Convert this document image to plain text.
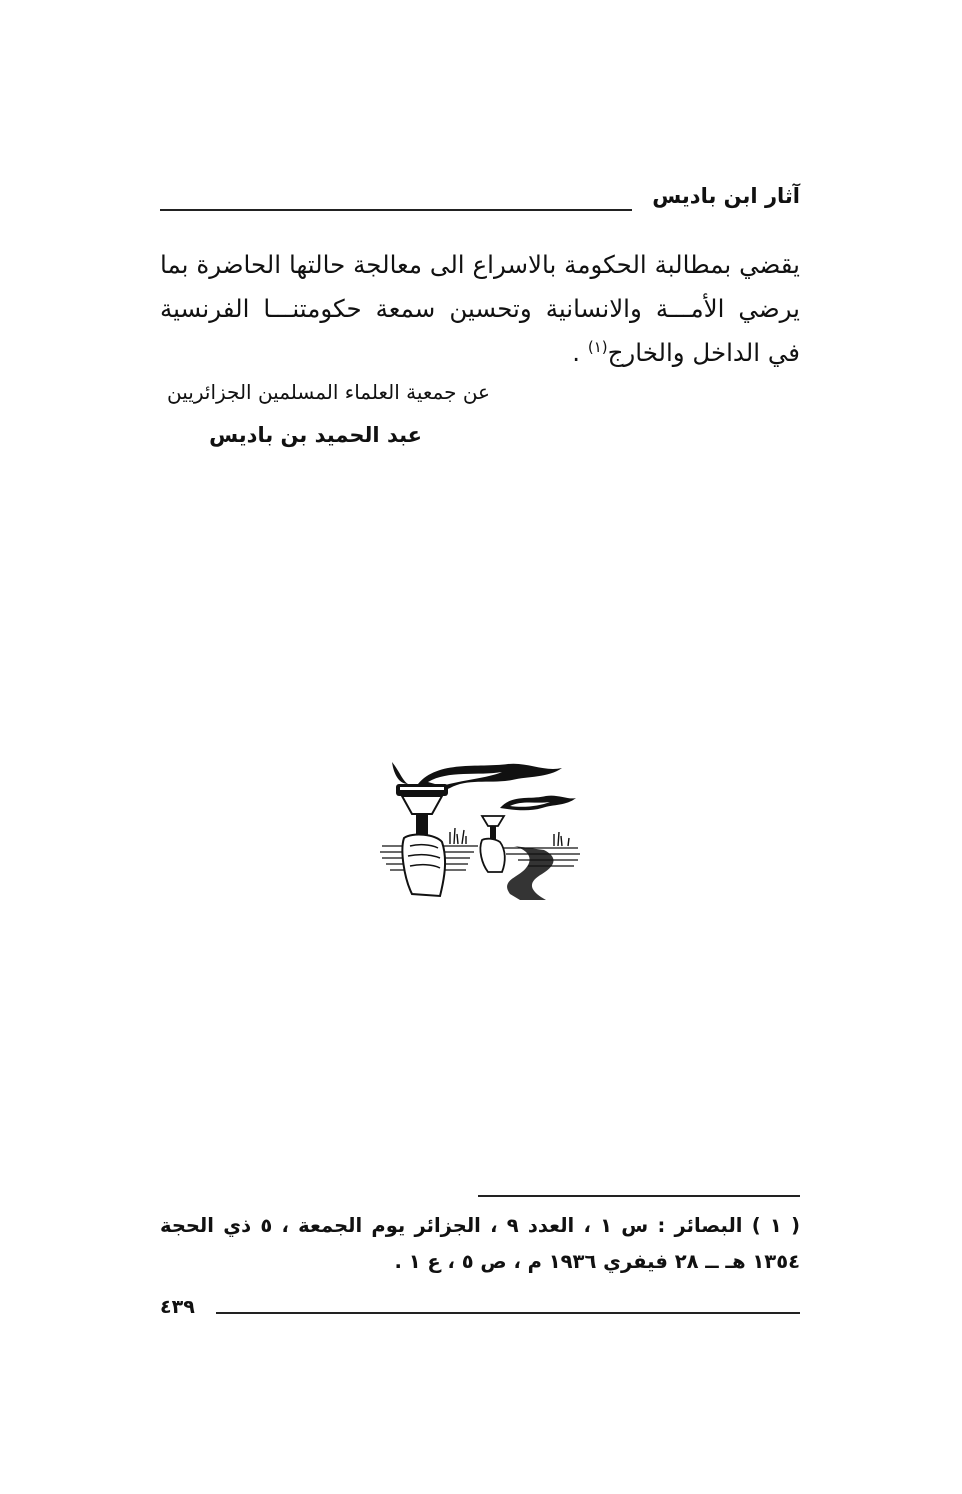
آثار ابن باديس
يقضي بمطالبة الحكومة بالاسراع الى معالجة حالتها الحاضرة بما يرضي الأمـــة والانسانية وتحسين سمعة حكومتنـــا الفرنسية في الداخل والخارج$^{(١)}$ .
عن جمعية العلماء المسلمين الجزائريين
عبد الحميد بن باديس
( ١ ) البصائر : س ١ ، العدد ٩ ، الجزائر يوم الجمعة ، ٥ ذي الحجة ١٣٥٤ هـ ــ ٢٨ فيفري ١٩٣٦ م ، ص ٥ ، ع ١ .
٤٣٩
